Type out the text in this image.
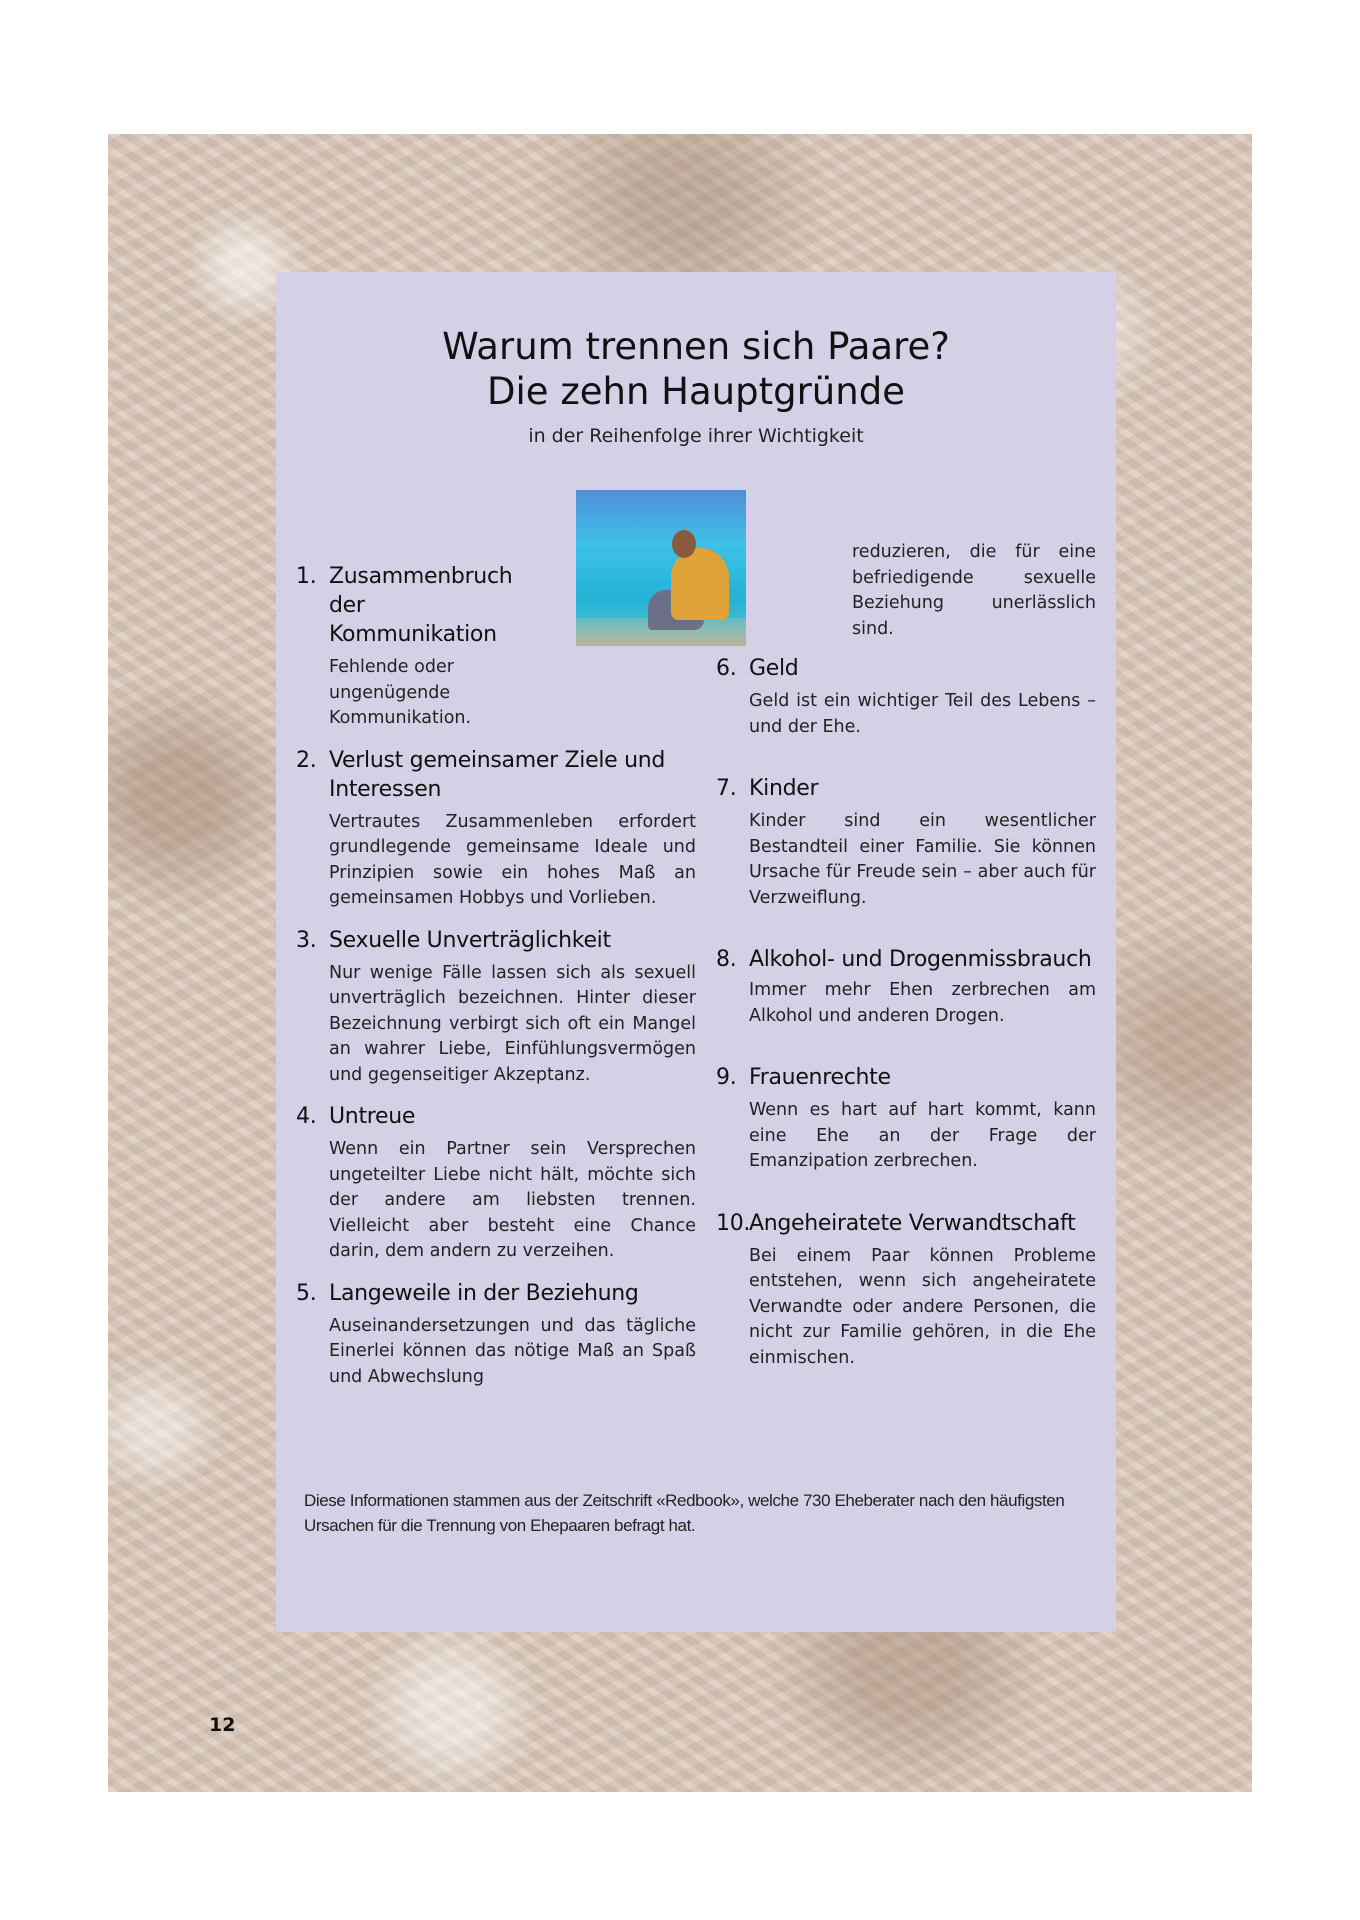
Warum trennen sich Paare?
Die zehn Hauptgründe
in der Reihenfolge ihrer Wichtigkeit
1. Zusammenbruch der
Kommunikation

Fehlende oder ungenügende Kommunikation.

2. Verlust gemeinsamer Ziele und
Interessen

Vertrautes Zusammenleben erfordert grundlegende gemeinsame Ideale und Prinzipien sowie ein hohes Maß an gemeinsamen Hobbys und Vorlieben.

3. Sexuelle Unverträglichkeit

Nur wenige Fälle lassen sich als sexuell unverträglich bezeichnen. Hinter dieser Bezeichnung verbirgt sich oft ein Mangel an wahrer Liebe, Einfühlungsvermögen und gegenseitiger Akzeptanz.

4. Untreue

Wenn ein Partner sein Versprechen ungeteilter Liebe nicht hält, möchte sich der andere am liebsten trennen. Vielleicht aber besteht eine Chance darin, dem andern zu verzeihen.

5. Langeweile in der Beziehung

Auseinandersetzungen und das tägliche Einerlei können das nötige Maß an Spaß und Abwechslung

reduzieren, die für eine befriedigende sexuelle Beziehung unerlässlich sind.
6. Geld

Geld ist ein wichtiger Teil des Lebens – und der Ehe.

7. Kinder

Kinder sind ein wesentlicher Bestandteil einer Familie. Sie können Ursache für Freude sein – aber auch für Verzweiflung.

8. Alkohol- und Drogenmissbrauch

Immer mehr Ehen zerbrechen am Alkohol und anderen Drogen.

9. Frauenrechte

Wenn es hart auf hart kommt, kann eine Ehe an der Frage der Emanzipation zerbrechen.

10.
Angeheiratete Verwandtschaft

Bei einem Paar können Probleme entstehen, wenn sich angeheiratete Verwandte oder andere Personen, die nicht zur Familie gehören, in die Ehe einmischen.

Diese Informationen stammen aus der Zeitschrift «Redbook», welche 730 Eheberater nach den häufigsten Ursachen für die Trennung von Ehepaaren befragt hat.
12
